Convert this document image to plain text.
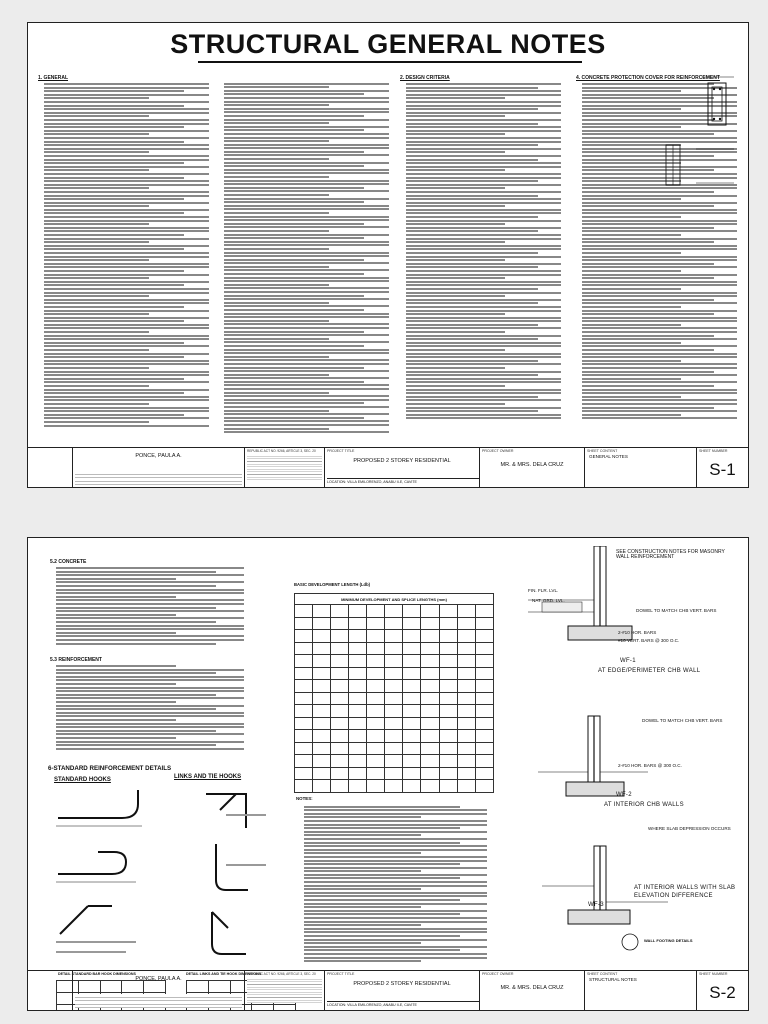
STRUCTURAL GENERAL NOTES
1. GENERAL	2. DESIGN CRITERIA	4. CONCRETE PROTECTION COVER FOR REINFORCEMENT
PONCE, PAULA A.
REPUBLIC ACT NO. 9266, ARTICLE 3, SEC. 20	PROJECT TITLE
PROPOSED 2 STOREY RESIDENTIAL
LOCATION: VILLA EMILORENZO, ANABU II-E, CAVITE
PROJECT OWNER
MR. & MRS. DELA CRUZ
SHEET CONTENT
GENERAL NOTES
SHEET NUMBER
S-1
5.2 CONCRETE
5.3 REINFORCEMENT
6-STANDARD REINFORCEMENT DETAILS
STANDARD HOOKS	LINKS AND TIE HOOKS
DETAIL STANDARD BAR HOOK DIMENSIONS	DETAIL LINKS AND TIE HOOK DIMENSIONS

BASIC DEVELOPMENT LENGTH (Ldb)
MINIMUM DEVELOPMENT AND SPLICE LENGTHS (mm)										

NOTES:
SEE CONSTRUCTION NOTES FOR MASONRY WALL REINFORCEMENT
FIN. FLR. LVL.
NAT. GRD. LVL.
DOWEL TO MATCH CHB VERT. BARS
2-#10 HOR. BARS
#10 VERT. BARS @ 300 O.C.
WF-1
AT EDGE/PERIMETER CHB WALL
DOWEL TO MATCH CHB VERT. BARS
2-#10 HOR. BARS @ 300 O.C.
WF-2
AT INTERIOR CHB WALLS
WHERE SLAB DEPRESSION OCCURS
AT INTERIOR WALLS WITH SLAB ELEVATION DIFFERENCE
WF-3
WALL FOOTING DETAILS
PONCE, PAULA A.
REPUBLIC ACT NO. 9266, ARTICLE 3, SEC. 20	PROJECT TITLE
PROPOSED 2 STOREY RESIDENTIAL
LOCATION: VILLA EMILORENZO, ANABU II-E, CAVITE
PROJECT OWNER
MR. & MRS. DELA CRUZ
SHEET CONTENT
STRUCTURAL NOTES
SHEET NUMBER
S-2
